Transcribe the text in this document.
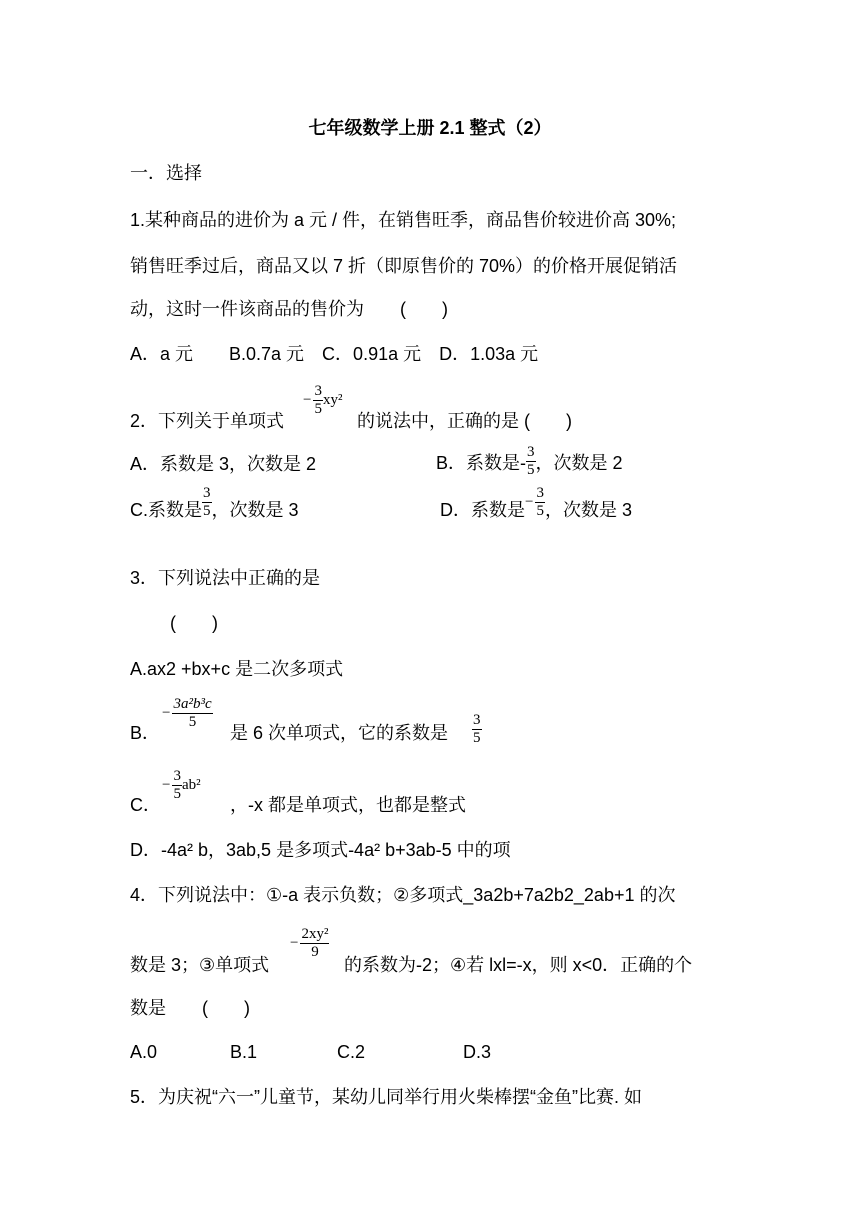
七年级数学上册 2.1 整式（2）
一．选择
1.某种商品的进价为 a 元 / 件，在销售旺季，商品售价较进价高 30%;
销售旺季过后，商品又以 7 折（即原售价的 70%）的价格开展促销活
动，这时一件该商品的售价为　　(　　)
A．a 元　　B.0.7a 元　C．0.91a 元　D．1.03a 元
2．下列关于单项式
− $\frac{3}{5} xy^2$
的说法中，正确的是 (　　)
A．系数是 3，次数是 2	B．系数是- $\frac{3}{5}$ ，次数是 2
C.系数是 $\frac{3}{5}$ ，次数是 3	D．系数是 − $\frac{3}{5}$ ，次数是 3
3．下列说法中正确的是
(　　)
A.ax2 +bx+c 是二次多项式
B．
− $\frac{\text{3a²b³c}}{5}$
是 6 次单项式，它的系数是 $\frac{3}{5}$
C．
− $\frac{3}{5} ab^2$
，-x 都是单项式，也都是整式
D．-4a² b，3ab,5 是多项式-4a² b+3ab-5 中的项
4．下列说法中：①-a 表示负数；②多项式_3a2b+7a2b2_2ab+1 的次
数是 3；③单项式
− $\frac{\text{2xy²}}{9}$
的系数为-2；④若 lxl=-x，则 x<0．正确的个
数是　　(　　)
A.0	B.1	C.2	D.3
5．为庆祝“六一”儿童节，某幼儿同举行用火柴棒摆“金鱼”比赛. 如
